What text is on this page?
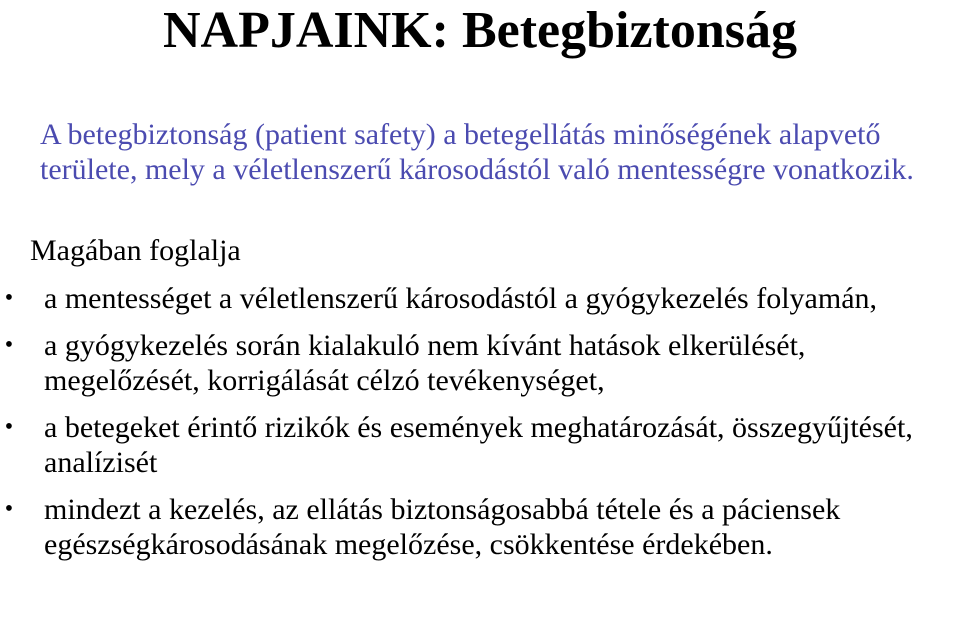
NAPJAINK: Betegbiztonság

A betegbiztonság (patient safety) a betegellátás minőségének alapvető területe, mely a véletlenszerű károsodástól való mentességre vonatkozik.

Magában foglalja

• a mentességet a véletlenszerű károsodástól a gyógykezelés folyamán,
• a gyógykezelés során kialakuló nem kívánt hatások elkerülését, megelőzését, korrigálását célzó tevékenységet,
• a betegeket érintő rizikók és események meghatározását, összegyűjtését, analízisét
• mindezt a kezelés, az ellátás biztonságosabbá tétele és a páciensek egészségkárosodásának megelőzése, csökkentése érdekében.
